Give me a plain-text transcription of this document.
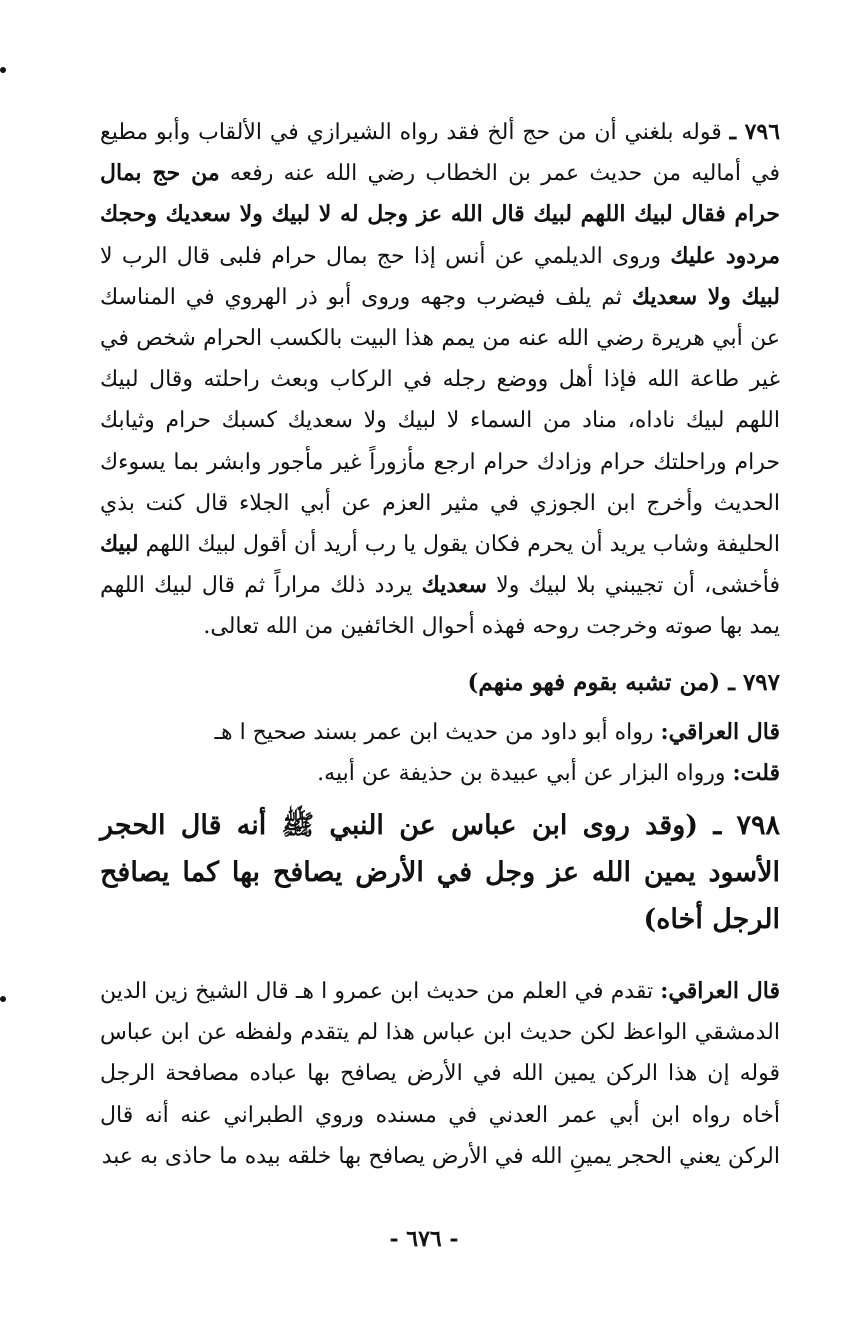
٧٩٦ ـ قوله بلغني أن من حج ألخ فقد رواه الشيرازي في الألقاب وأبو مطيع في أماليه من حديث عمر بن الخطاب رضي الله عنه رفعه من حج بمال حرام فقال لبيك اللهم لبيك قال الله عز وجل له لا لبيك ولا سعديك وحجك مردود عليك وروى الديلمي عن أنس إذا حج بمال حرام فلبى قال الرب لا لبيك ولا سعديك ثم يلف فيضرب وجهه وروى أبو ذر الهروي في المناسك عن أبي هريرة رضي الله عنه من يمم هذا البيت بالكسب الحرام شخص في غير طاعة الله فإذا أهل ووضع رجله في الركاب وبعث راحلته وقال لبيك اللهم لبيك ناداه، مناد من السماء لا لبيك ولا سعديك كسبك حرام وثيابك حرام وراحلتك حرام وزادك حرام ارجع مأزوراً غير مأجور وابشر بما يسوءك الحديث وأخرج ابن الجوزي في مثير العزم عن أبي الجلاء قال كنت بذي الحليفة وشاب يريد أن يحرم فكان يقول يا رب أريد أن أقول لبيك اللهم لبيك فأخشى، أن تجيبني بلا لبيك ولا سعديك يردد ذلك مراراً ثم قال لبيك اللهم يمد بها صوته وخرجت روحه فهذه أحوال الخائفين من الله تعالى.

٧٩٧ ـ (من تشبه بقوم فهو منهم)

قال العراقي: رواه أبو داود من حديث ابن عمر بسند صحيح ا هـ

قلت: ورواه البزار عن أبي عبيدة بن حذيفة عن أبيه.

٧٩٨ ـ (وقد روى ابن عباس عن النبي ﷺ أنه قال الحجر الأسود يمين الله عز وجل في الأرض يصافح بها كما يصافح الرجل أخاه)

قال العراقي: تقدم في العلم من حديث ابن عمرو ا هـ قال الشيخ زين الدين الدمشقي الواعظ لكن حديث ابن عباس هذا لم يتقدم ولفظه عن ابن عباس قوله إن هذا الركن يمين الله في الأرض يصافح بها عباده مصافحة الرجل أخاه رواه ابن أبي عمر العدني في مسنده وروي الطبراني عنه أنه قال الركن يعني الحجر يمينِ الله في الأرض يصافح بها خلقه بيده ما حاذى به عبد

- ٦٧٦ -
